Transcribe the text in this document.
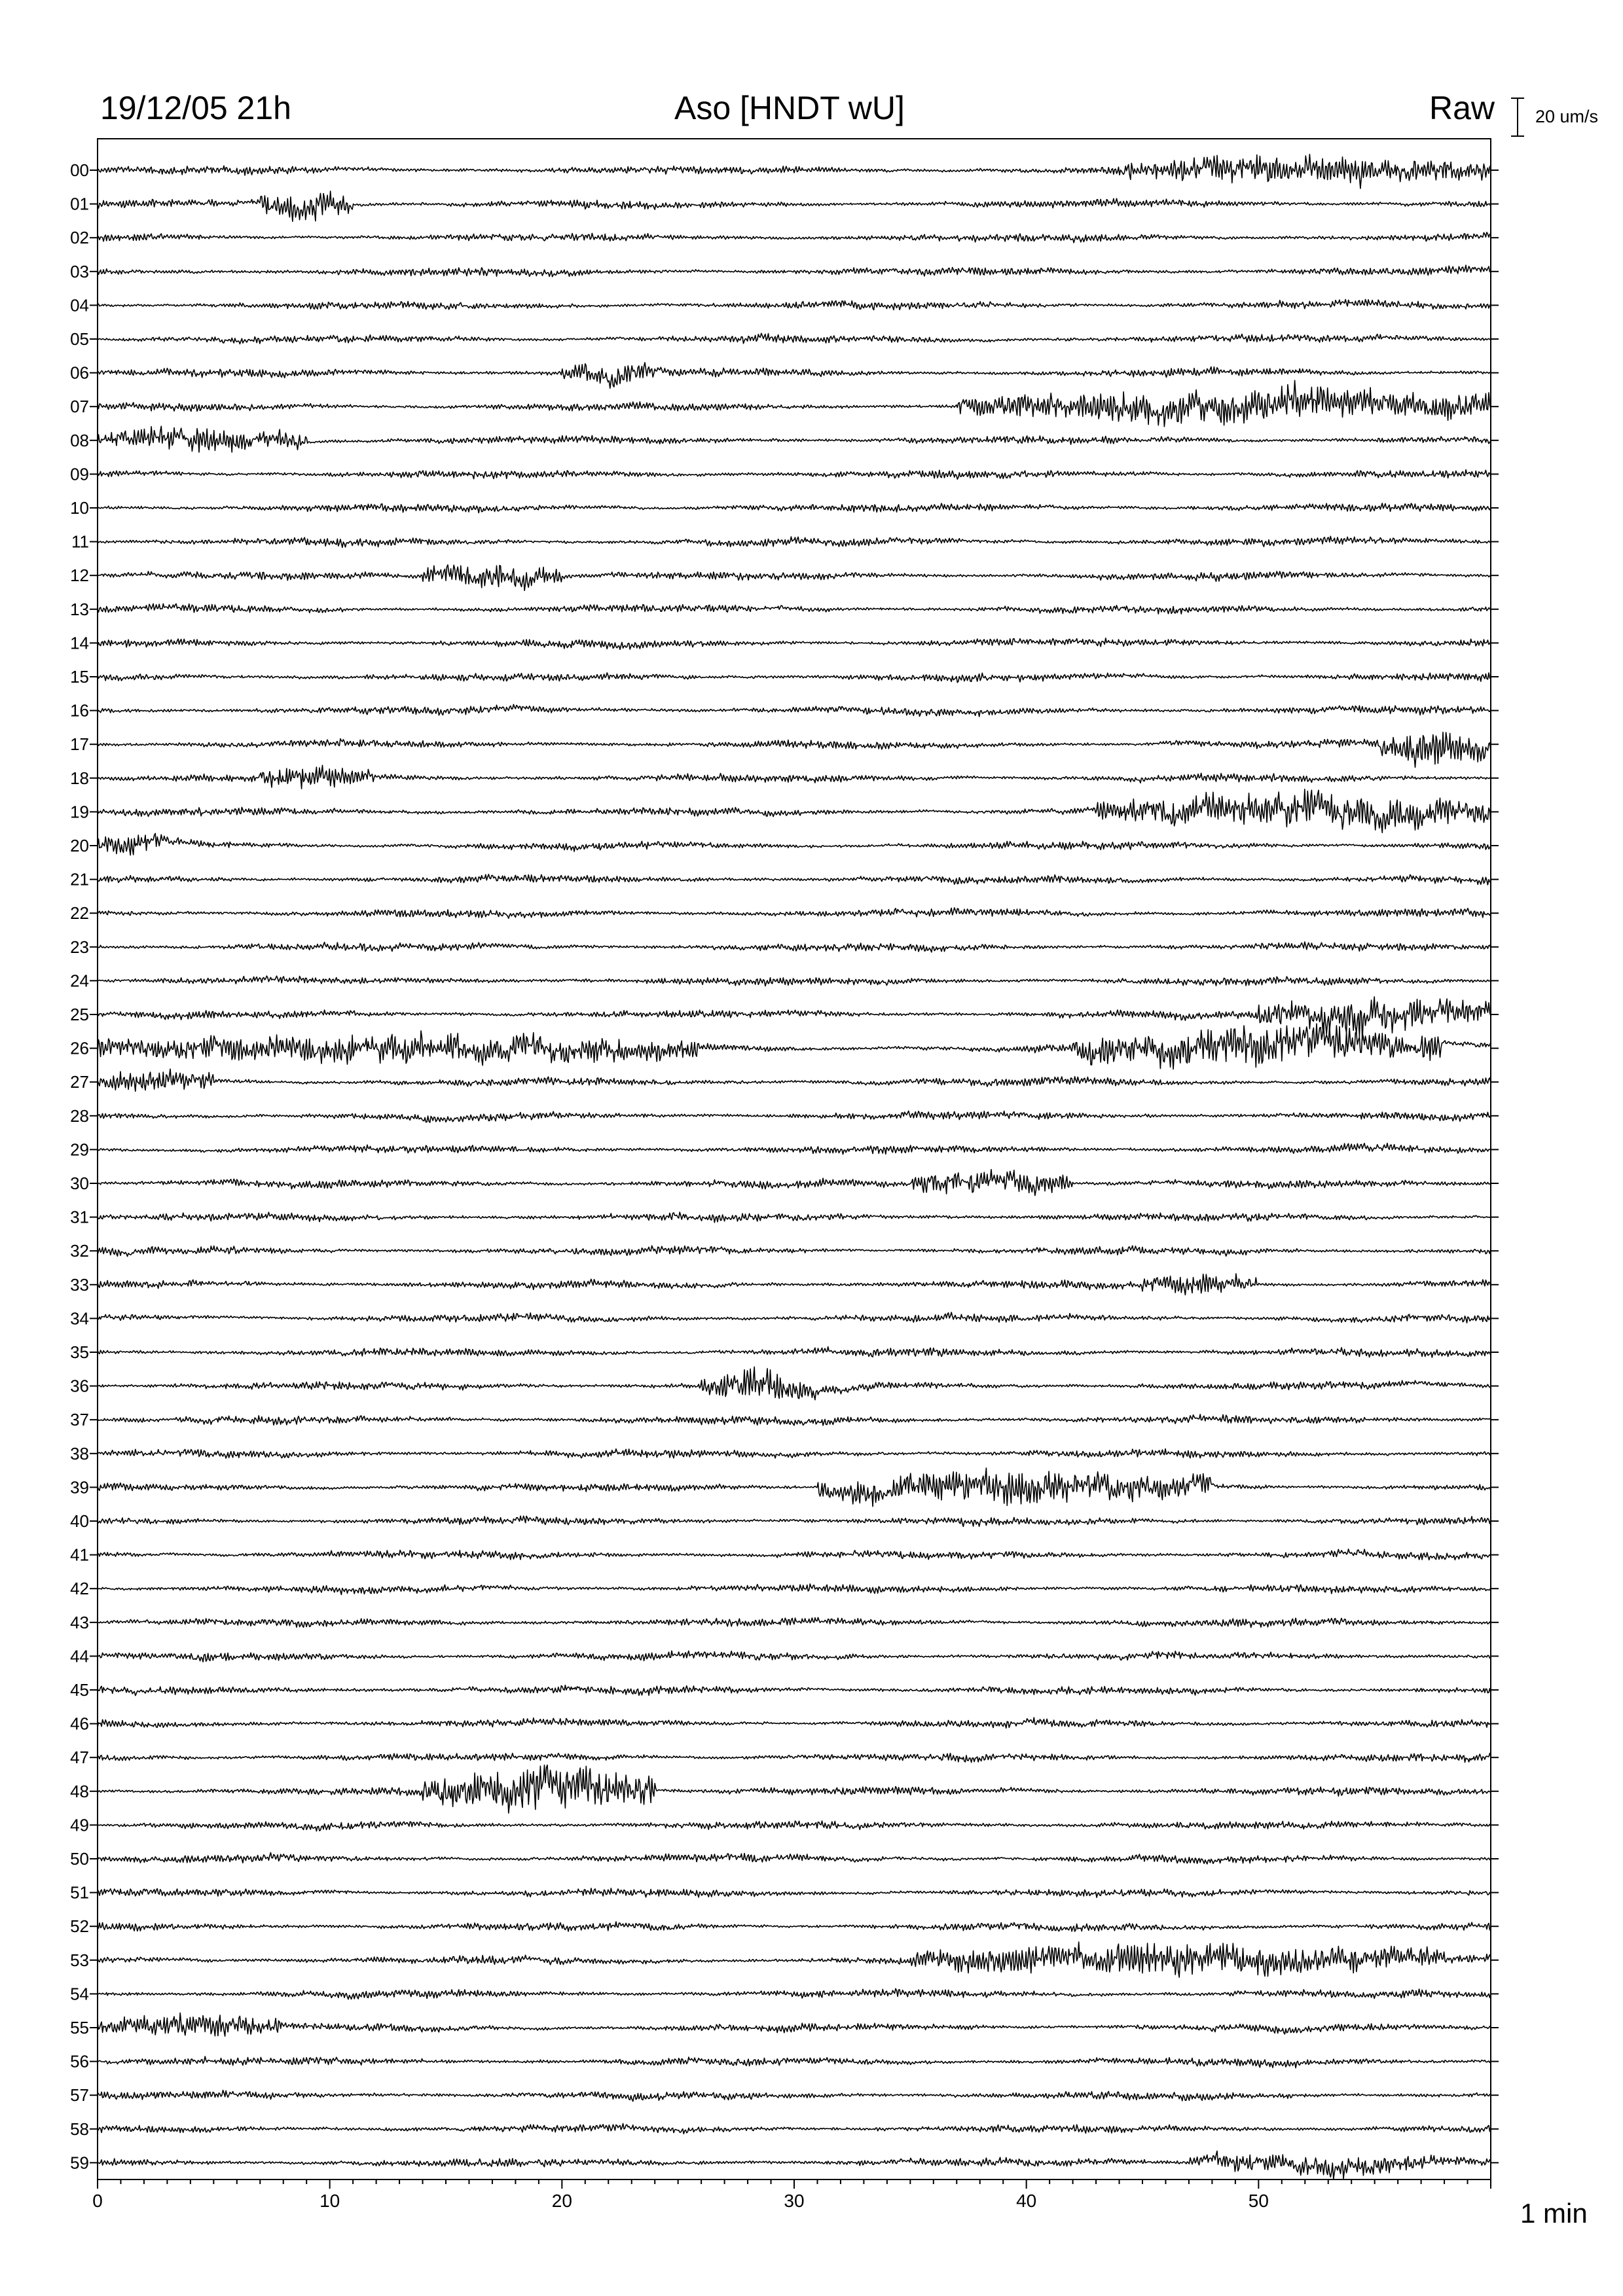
19/12/05 21h	Aso [HNDT wU]	Raw 20 um/s
1 min
00
01
02
03
04
05
06
07
08
09
10
11
12
13
14
15
16
17
18
19
20
21
22
23
24
25
26
27
28
29
30
31
32
33
34
35
36
37
38
39
40
41
42
43
44
45
46
47
48
49
50
51
52
53
54
55
56
57
58
59
0	10	20	30	40	50
